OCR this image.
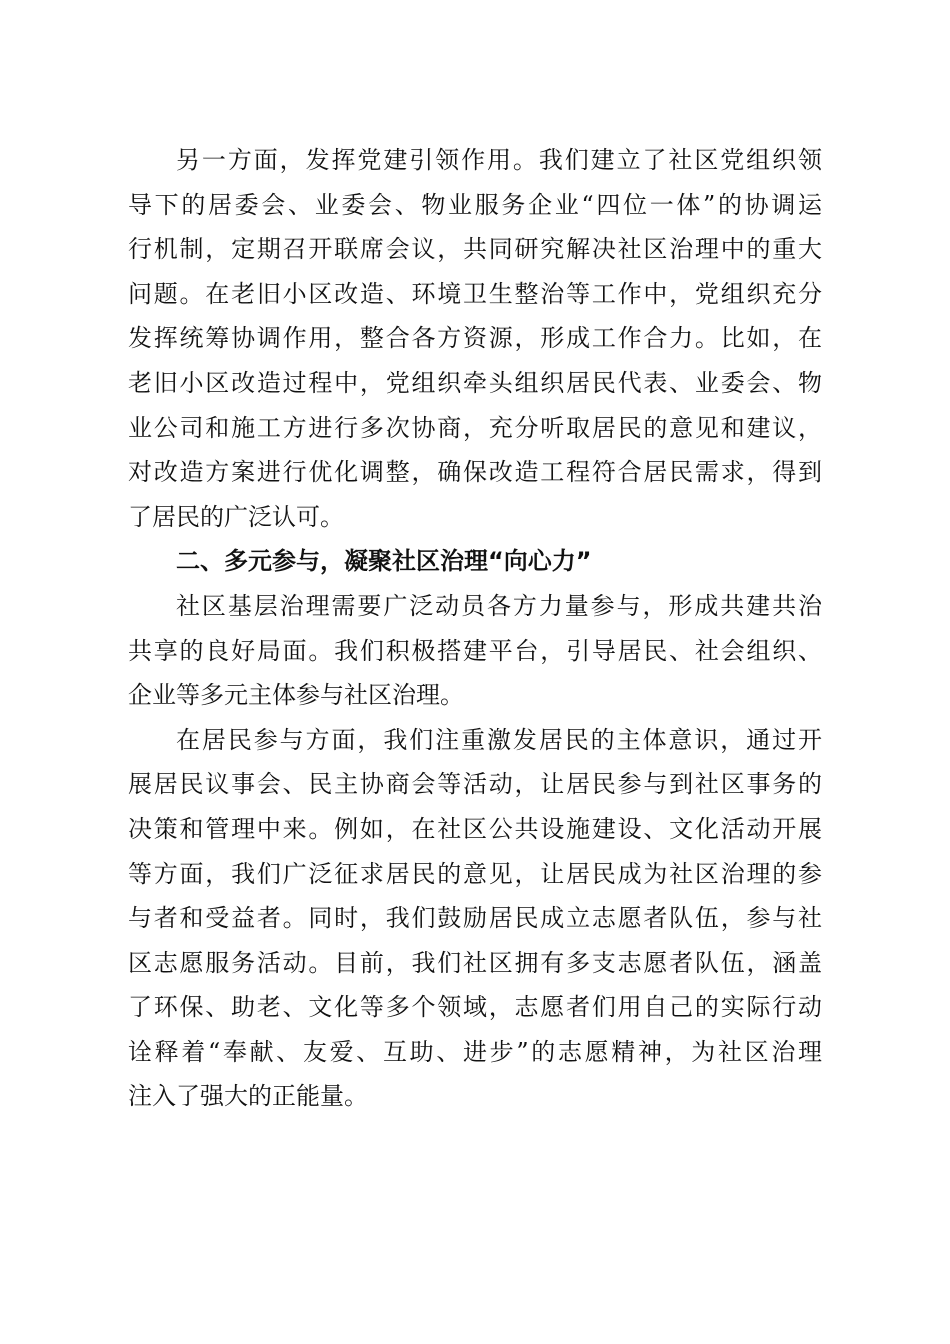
另一方面，发挥党建引领作用。我们建立了社区党组织领
导下的居委会、业委会、物业服务企业“四位一体”的协调运
行机制，定期召开联席会议，共同研究解决社区治理中的重大
问题。在老旧小区改造、环境卫生整治等工作中，党组织充分
发挥统筹协调作用，整合各方资源，形成工作合力。比如，在
老旧小区改造过程中，党组织牵头组织居民代表、业委会、物
业公司和施工方进行多次协商，充分听取居民的意见和建议，
对改造方案进行优化调整，确保改造工程符合居民需求，得到
了居民的广泛认可。
二、多元参与，凝聚社区治理“向心力”
社区基层治理需要广泛动员各方力量参与，形成共建共治
共享的良好局面。我们积极搭建平台，引导居民、社会组织、
企业等多元主体参与社区治理。
在居民参与方面，我们注重激发居民的主体意识，通过开
展居民议事会、民主协商会等活动，让居民参与到社区事务的
决策和管理中来。例如，在社区公共设施建设、文化活动开展
等方面，我们广泛征求居民的意见，让居民成为社区治理的参
与者和受益者。同时，我们鼓励居民成立志愿者队伍，参与社
区志愿服务活动。目前，我们社区拥有多支志愿者队伍，涵盖
了环保、助老、文化等多个领域，志愿者们用自己的实际行动
诠释着“奉献、友爱、互助、进步”的志愿精神，为社区治理
注入了强大的正能量。
